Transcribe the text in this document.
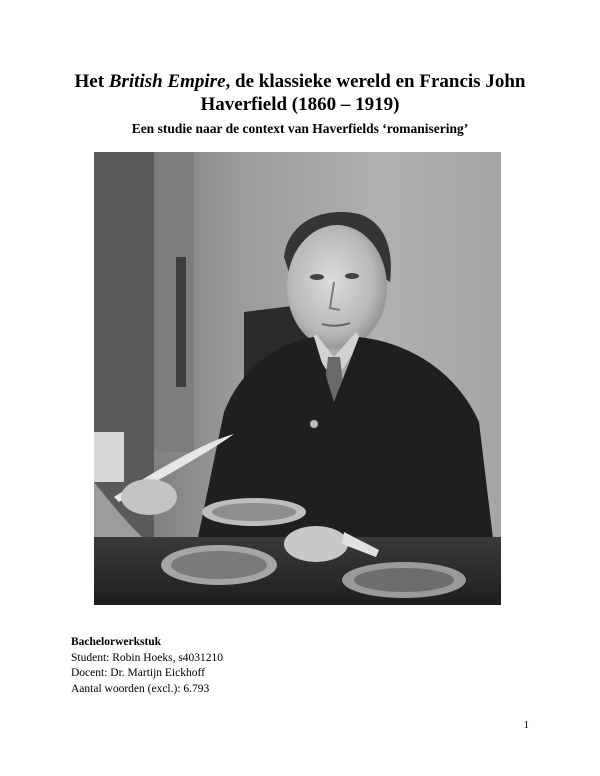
Het British Empire, de klassieke wereld en Francis John
Haverfield (1860 – 1919)
Een studie naar de context van Haverfields ‘romanisering’
Bachelorwerkstuk
Student: Robin Hoeks, s4031210
Docent: Dr. Martijn Eickhoff
Aantal woorden (excl.): 6.793
1
